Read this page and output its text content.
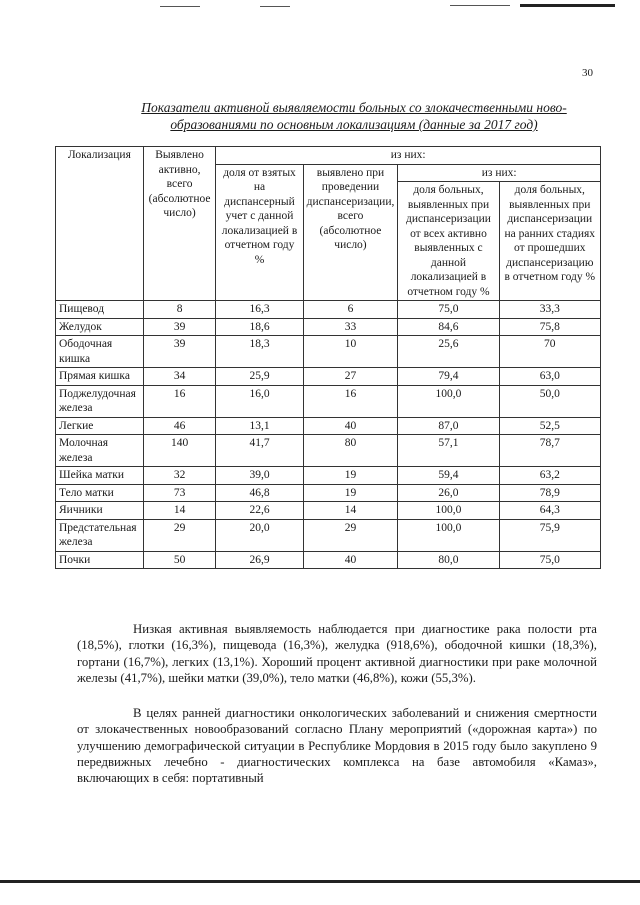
30
Показатели активной выявляемости больных со злокачественными ново-
образованиями по основным локализациям (данные за 2017 год)
Локализация	Выявлено активно, всего (абсолютное число)	из них:			
		доля от взятых на диспансерный учет с данной локализацией в отчетном году %	выявлено при проведении диспансеризации, всего (абсолютное число)	из них:	
				доля больных, выявленных при диспансеризации от всех активно выявленных с данной локализацией в отчетном году %	доля больных, выявленных при диспансеризации на ранних стадиях от прошедших диспансеризацию в отчетном году %
Пищевод	8	16,3	6	75,0	33,3
Желудок	39	18,6	33	84,6	75,8
Ободочная кишка	39	18,3	10	25,6	70
Прямая кишка	34	25,9	27	79,4	63,0
Поджелудочная железа	16	16,0	16	100,0	50,0
Легкие	46	13,1	40	87,0	52,5
Молочная железа	140	41,7	80	57,1	78,7
Шейка матки	32	39,0	19	59,4	63,2
Тело матки	73	46,8	19	26,0	78,9
Яичники	14	22,6	14	100,0	64,3
Предстательная железа	29	20,0	29	100,0	75,9
Почки	50	26,9	40	80,0	75,0
Низкая активная выявляемость наблюдается при диагностике рака полости рта (18,5%), глотки (16,3%), пищевода (16,3%), желудка (918,6%), ободочной кишки (18,3%), гортани (16,7%), легких (13,1%). Хороший процент активной диагностики при раке молочной железы (41,7%), шейки матки (39,0%), тело матки (46,8%), кожи (55,3%).
В целях ранней диагностики онкологических заболеваний и снижения смертности от злокачественных новообразований согласно Плану мероприятий («дорожная карта») по улучшению демографической ситуации в Республике Мордовия в 2015 году было закуплено 9 передвижных лечебно - диагностических комплекса на базе автомобиля «Камаз», включающих в себя: портативный
